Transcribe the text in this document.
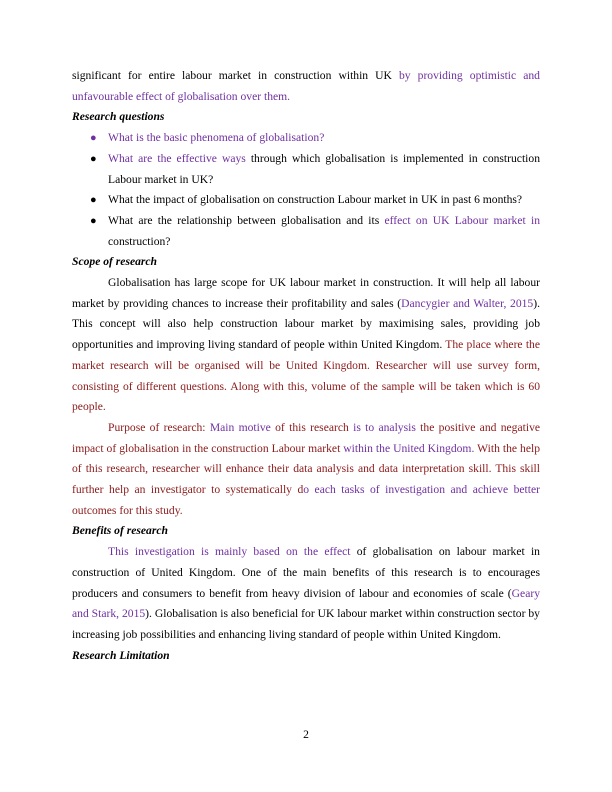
significant for entire labour market in construction within UK by providing optimistic and unfavourable effect of globalisation over them.

Research questions
● What is the basic phenomena of globalisation?
● What are the effective ways through which globalisation is implemented in construction Labour market in UK?
● What the impact of globalisation on construction Labour market in UK in past 6 months?
● What are the relationship between globalisation and its effect on UK Labour market in construction?
Scope of research

Globalisation has large scope for UK labour market in construction. It will help all labour market by providing chances to increase their profitability and sales (Dancygier and Walter, 2015). This concept will also help construction labour market by maximising sales, providing job opportunities and improving living standard of people within United Kingdom. The place where the market research will be organised will be United Kingdom. Researcher will use survey form, consisting of different questions. Along with this, volume of the sample will be taken which is 60 people.

Purpose of research: Main motive of this research is to analysis the positive and negative impact of globalisation in the construction Labour market within the United Kingdom. With the help of this research, researcher will enhance their data analysis and data interpretation skill. This skill further help an investigator to systematically do each tasks of investigation and achieve better outcomes for this study.

Benefits of research

This investigation is mainly based on the effect of globalisation on labour market in construction of United Kingdom. One of the main benefits of this research is to encourages producers and consumers to benefit from heavy division of labour and economies of scale (Geary and Stark, 2015). Globalisation is also beneficial for UK labour market within construction sector by increasing job possibilities and enhancing living standard of people within United Kingdom.

Research Limitation
2
